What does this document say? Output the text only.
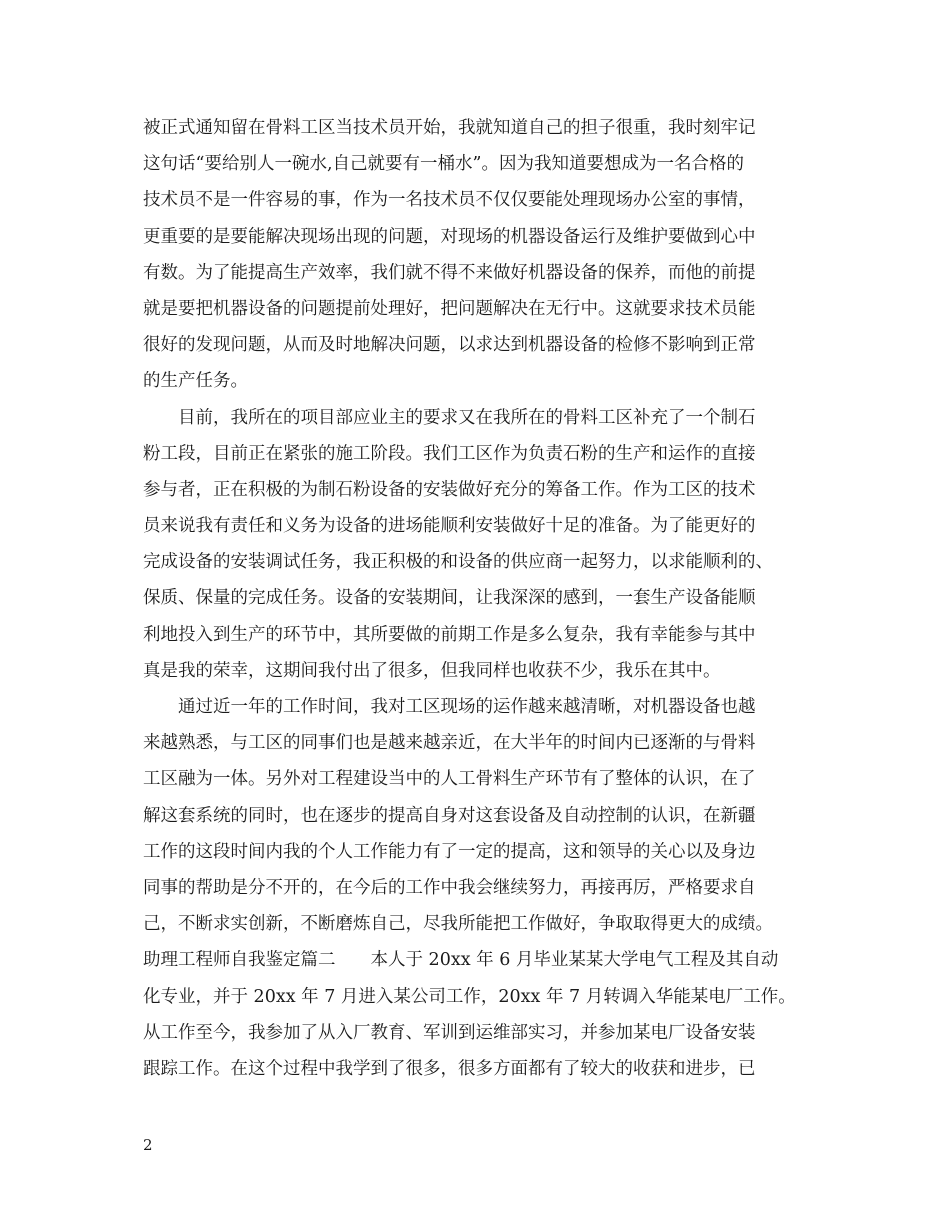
被正式通知留在骨料工区当技术员开始，我就知道自己的担子很重，我时刻牢记
这句话“要给别人一碗水,自己就要有一桶水”。因为我知道要想成为一名合格的
技术员不是一件容易的事，作为一名技术员不仅仅要能处理现场办公室的事情，
更重要的是要能解决现场出现的问题，对现场的机器设备运行及维护要做到心中
有数。为了能提高生产效率，我们就不得不来做好机器设备的保养，而他的前提
就是要把机器设备的问题提前处理好，把问题解决在无行中。这就要求技术员能
很好的发现问题，从而及时地解决问题，以求达到机器设备的检修不影响到正常
的生产任务。
　　目前，我所在的项目部应业主的要求又在我所在的骨料工区补充了一个制石
粉工段，目前正在紧张的施工阶段。我们工区作为负责石粉的生产和运作的直接
参与者，正在积极的为制石粉设备的安装做好充分的筹备工作。作为工区的技术
员来说我有责任和义务为设备的进场能顺利安装做好十足的准备。为了能更好的
完成设备的安装调试任务，我正积极的和设备的供应商一起努力，以求能顺利的、
保质、保量的完成任务。设备的安装期间，让我深深的感到，一套生产设备能顺
利地投入到生产的环节中，其所要做的前期工作是多么复杂，我有幸能参与其中
真是我的荣幸，这期间我付出了很多，但我同样也收获不少，我乐在其中。
　　通过近一年的工作时间，我对工区现场的运作越来越清晰，对机器设备也越
来越熟悉，与工区的同事们也是越来越亲近，在大半年的时间内已逐渐的与骨料
工区融为一体。另外对工程建设当中的人工骨料生产环节有了整体的认识，在了
解这套系统的同时，也在逐步的提高自身对这套设备及自动控制的认识，在新疆
工作的这段时间内我的个人工作能力有了一定的提高，这和领导的关心以及身边
同事的帮助是分不开的，在今后的工作中我会继续努力，再接再厉，严格要求自
己，不断求实创新，不断磨炼自己，尽我所能把工作做好，争取取得更大的成绩。
助理工程师自我鉴定篇二　　本人于 20xx 年 6 月毕业某某大学电气工程及其自动
化专业，并于 20xx 年 7 月进入某公司工作，20xx 年 7 月转调入华能某电厂工作。
从工作至今，我参加了从入厂教育、军训到运维部实习，并参加某电厂设备安装
跟踪工作。在这个过程中我学到了很多，很多方面都有了较大的收获和进步，已
2
